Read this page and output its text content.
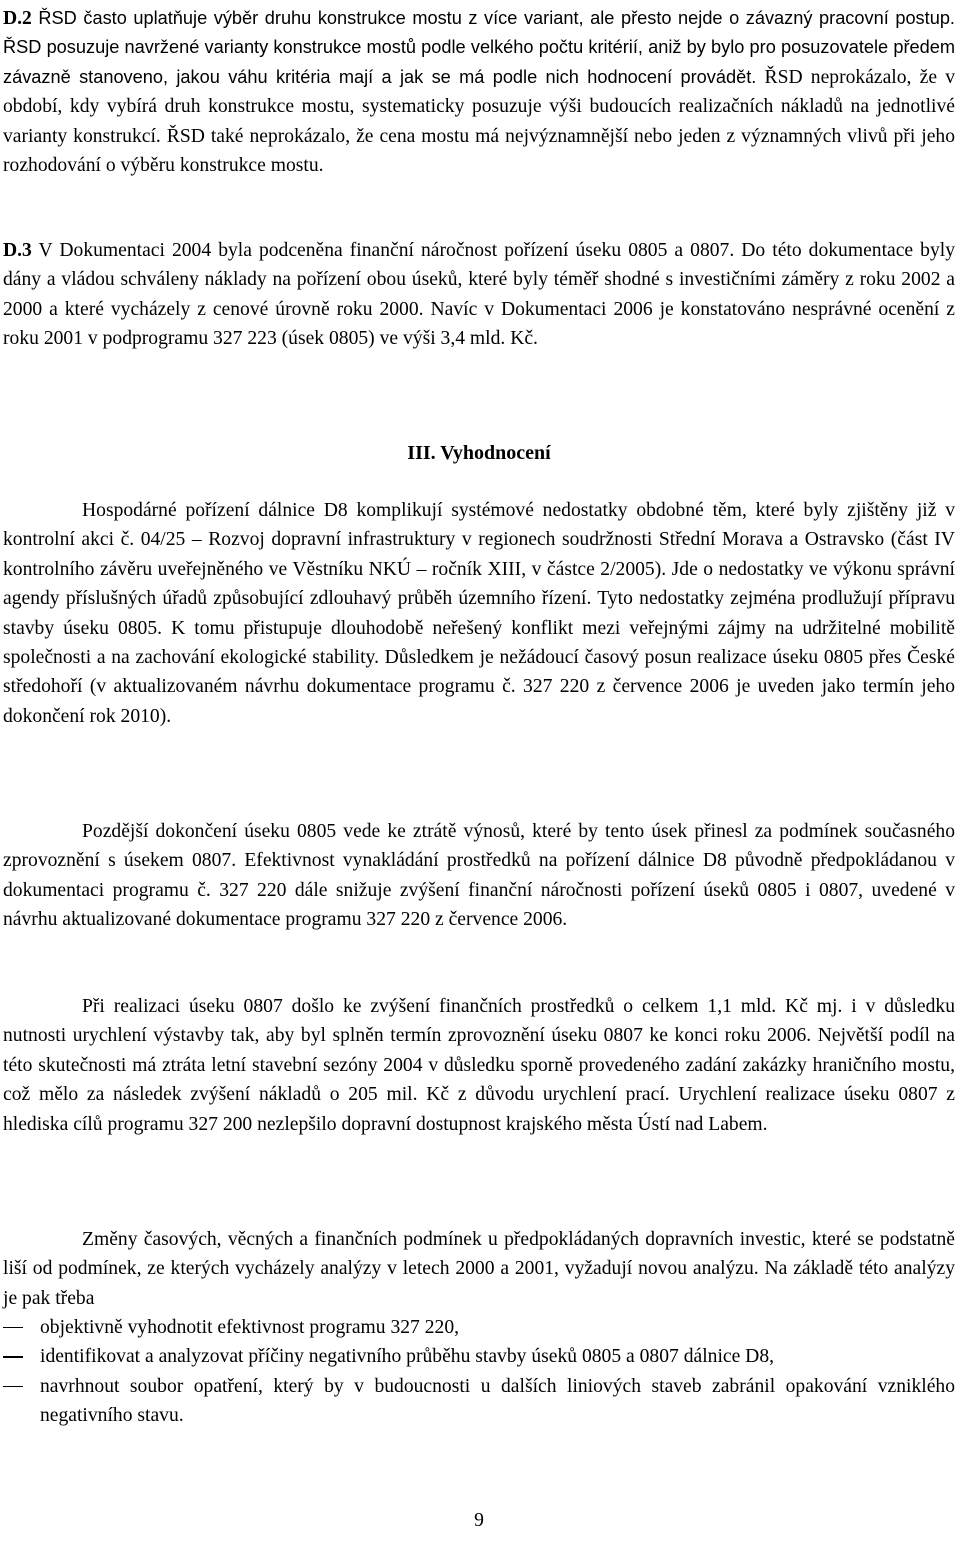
D.2 ŘSD často uplatňuje výběr druhu konstrukce mostu z více variant, ale přesto nejde o závazný pracovní postup. ŘSD posuzuje navržené varianty konstrukce mostů podle velkého počtu kritérií, aniž by bylo pro posuzovatele předem závazně stanoveno, jakou váhu kritéria mají a jak se má podle nich hodnocení provádět. ŘSD neprokázalo, že v období, kdy vybírá druh konstrukce mostu, systematicky posuzuje výši budoucích realizačních nákladů na jednotlivé varianty konstrukcí. ŘSD také neprokázalo, že cena mostu má nejvýznamnější nebo jeden z významných vlivů při jeho rozhodování o výběru konstrukce mostu.

D.3 V Dokumentaci 2004 byla podceněna finanční náročnost pořízení úseku 0805 a 0807. Do této dokumentace byly dány a vládou schváleny náklady na pořízení obou úseků, které byly téměř shodné s investičními záměry z roku 2002 a 2000 a které vycházely z cenové úrovně roku 2000. Navíc v Dokumentaci 2006 je konstatováno nesprávné ocenění z roku 2001 v podprogramu 327 223 (úsek 0805) ve výši 3,4 mld. Kč.

III. Vyhodnocení

Hospodárné pořízení dálnice D8 komplikují systémové nedostatky obdobné těm, které byly zjištěny již v kontrolní akci č. 04/25 – Rozvoj dopravní infrastruktury v regionech soudržnosti Střední Morava a Ostravsko (část IV kontrolního závěru uveřejněného ve Věstníku NKÚ – ročník XIII, v částce 2/2005). Jde o nedostatky ve výkonu správní agendy příslušných úřadů způsobující zdlouhavý průběh územního řízení. Tyto nedostatky zejména prodlužují přípravu stavby úseku 0805. K tomu přistupuje dlouhodobě neřešený konflikt mezi veřejnými zájmy na udržitelné mobilitě společnosti a na zachování ekologické stability. Důsledkem je nežádoucí časový posun realizace úseku 0805 přes České středohoří (v aktualizovaném návrhu dokumentace programu č. 327 220 z července 2006 je uveden jako termín jeho dokončení rok 2010).

Pozdější dokončení úseku 0805 vede ke ztrátě výnosů, které by tento úsek přinesl za podmínek současného zprovoznění s úsekem 0807. Efektivnost vynakládání prostředků na pořízení dálnice D8 původně předpokládanou v dokumentaci programu č. 327 220 dále snižuje zvýšení finanční náročnosti pořízení úseků 0805 i 0807, uvedené v návrhu aktualizované dokumentace programu 327 220 z července 2006.

Při realizaci úseku 0807 došlo ke zvýšení finančních prostředků o celkem 1,1 mld. Kč mj. i v důsledku nutnosti urychlení výstavby tak, aby byl splněn termín zprovoznění úseku 0807 ke konci roku 2006. Největší podíl na této skutečnosti má ztráta letní stavební sezóny 2004 v důsledku sporně provedeného zadání zakázky hraničního mostu, což mělo za následek zvýšení nákladů o 205 mil. Kč z důvodu urychlení prací. Urychlení realizace úseku 0807 z hlediska cílů programu 327 200 nezlepšilo dopravní dostupnost krajského města Ústí nad Labem.

Změny časových, věcných a finančních podmínek u předpokládaných dopravních investic, které se podstatně liší od podmínek, ze kterých vycházely analýzy v letech 2000 a 2001, vyžadují novou analýzu. Na základě této analýzy je pak třeba

objektivně vyhodnotit efektivnost programu 327 220,
identifikovat a analyzovat příčiny negativního průběhu stavby úseků 0805 a 0807 dálnice D8,
navrhnout soubor opatření, který by v budoucnosti u dalších liniových staveb zabránil opakování vzniklého negativního stavu.

9
